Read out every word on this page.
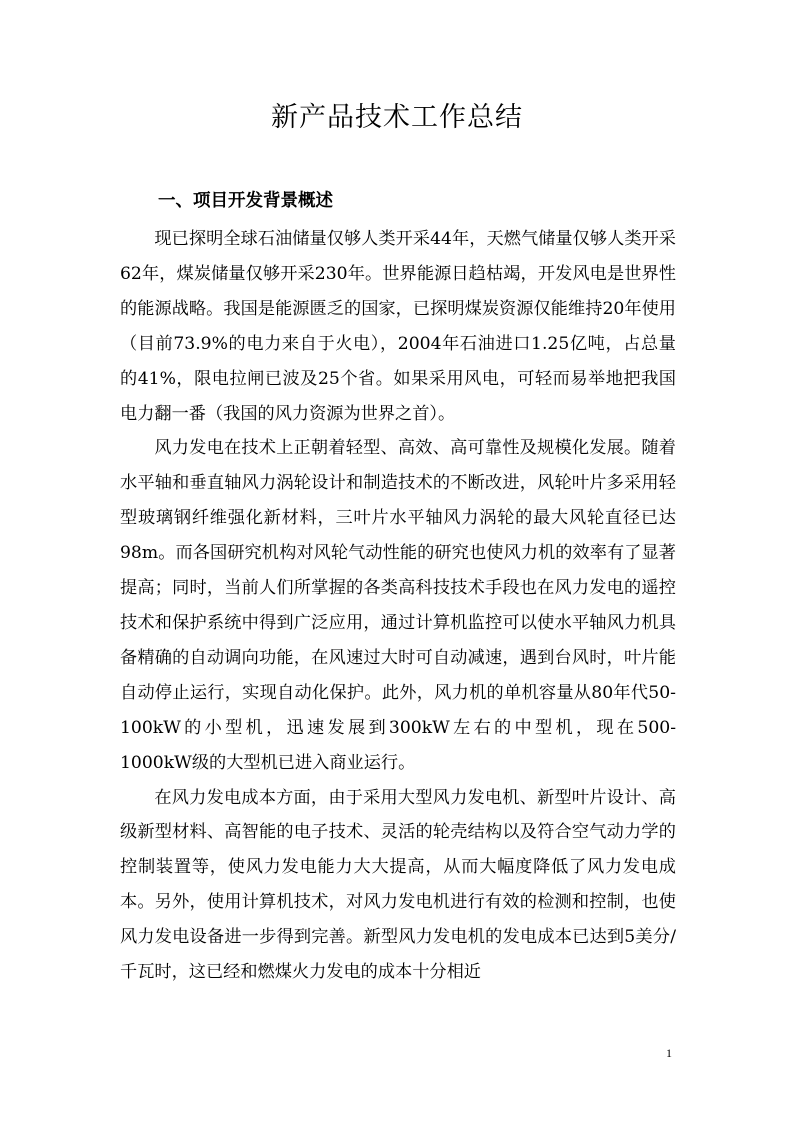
新产品技术工作总结
一、项目开发背景概述

现已探明全球石油储量仅够人类开采44年，天燃气储量仅够人类开采62年，煤炭储量仅够开采230年。世界能源日趋枯竭，开发风电是世界性的能源战略。我国是能源匮乏的国家，已探明煤炭资源仅能维持20年使用（目前73.9%的电力来自于火电），2004年石油进口1.25亿吨，占总量的41%，限电拉闸已波及25个省。如果采用风电，可轻而易举地把我国电力翻一番（我国的风力资源为世界之首）。

风力发电在技术上正朝着轻型、高效、高可靠性及规模化发展。随着水平轴和垂直轴风力涡轮设计和制造技术的不断改进，风轮叶片多采用轻型玻璃钢纤维强化新材料，三叶片水平轴风力涡轮的最大风轮直径已达98m。而各国研究机构对风轮气动性能的研究也使风力机的效率有了显著提高；同时，当前人们所掌握的各类高科技技术手段也在风力发电的遥控技术和保护系统中得到广泛应用，通过计算机监控可以使水平轴风力机具备精确的自动调向功能，在风速过大时可自动减速，遇到台风时，叶片能自动停止运行，实现自动化保护。此外，风力机的单机容量从80年代50-100kW的小型机，迅速发展到300kW左右的中型机，现在500-1000kW级的大型机已进入商业运行。

在风力发电成本方面，由于采用大型风力发电机、新型叶片设计、高级新型材料、高智能的电子技术、灵活的轮壳结构以及符合空气动力学的控制装置等，使风力发电能力大大提高，从而大幅度降低了风力发电成本。另外，使用计算机技术，对风力发电机进行有效的检测和控制，也使风力发电设备进一步得到完善。新型风力发电机的发电成本已达到5美分/千瓦时，这已经和燃煤火力发电的成本十分相近

1
